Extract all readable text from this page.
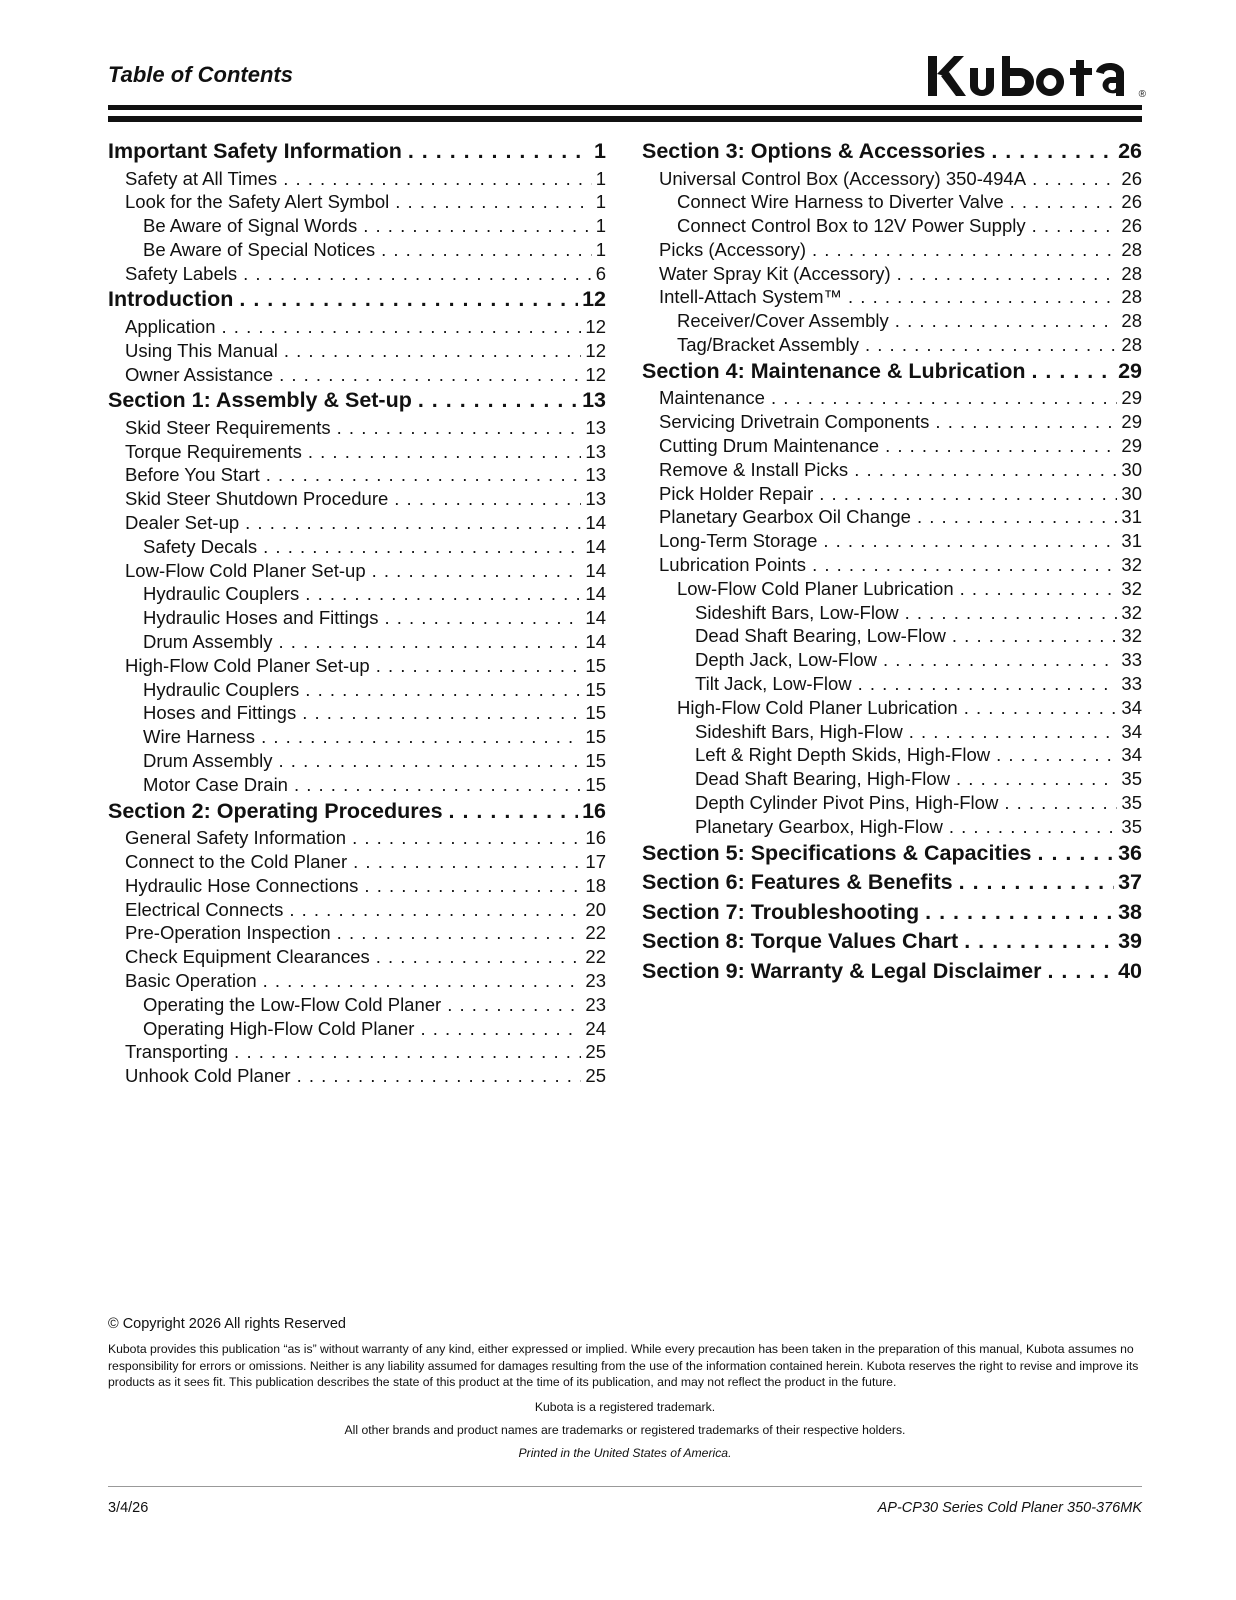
Table of Contents
®
Important Safety Information . . .	1
Safety at All Times . . .	1
Look for the Safety Alert Symbol . . .	1
Be Aware of Signal Words . . .	1
Be Aware of Special Notices . . .	1
Safety Labels . . .	6
Introduction . . .	12
Application . . .	12
Using This Manual . . .	12
Owner Assistance . . .	12
Section 1: Assembly & Set-up . . .	13
Skid Steer Requirements . . .	13
Torque Requirements . . .	13
Before You Start . . .	13
Skid Steer Shutdown Procedure . . .	13
Dealer Set-up . . .	14
Safety Decals . . .	14
Low-Flow Cold Planer Set-up . . .	14
Hydraulic Couplers . . .	14
Hydraulic Hoses and Fittings . . .	14
Drum Assembly . . .	14
High-Flow Cold Planer Set-up . . .	15
Hydraulic Couplers . . .	15
Hoses and Fittings . . .	15
Wire Harness . . .	15
Drum Assembly . . .	15
Motor Case Drain . . .	15
Section 2: Operating Procedures . . .	16
General Safety Information . . .	16
Connect to the Cold Planer . . .	17
Hydraulic Hose Connections . . .	18
Electrical Connects . . .	20
Pre-Operation Inspection . . .	22
Check Equipment Clearances . . .	22
Basic Operation . . .	23
Operating the Low-Flow Cold Planer . . .	23
Operating High-Flow Cold Planer . . .	24
Transporting . . .	25
Unhook Cold Planer . . .	25
Section 3: Options & Accessories . . .	26
Universal Control Box (Accessory) 350-494A . . .	26
Connect Wire Harness to Diverter Valve . . .	26
Connect Control Box to 12V Power Supply . . .	26
Picks (Accessory) . . .	28
Water Spray Kit (Accessory) . . .	28
Intell-Attach System™ . . .	28
Receiver/Cover Assembly . . .	28
Tag/Bracket Assembly . . .	28
Section 4: Maintenance & Lubrication . . .	29
Maintenance . . .	29
Servicing Drivetrain Components . . .	29
Cutting Drum Maintenance . . .	29
Remove & Install Picks . . .	30
Pick Holder Repair . . .	30
Planetary Gearbox Oil Change . . .	31
Long-Term Storage . . .	31
Lubrication Points . . .	32
Low-Flow Cold Planer Lubrication . . .	32
Sideshift Bars, Low-Flow . . .	32
Dead Shaft Bearing, Low-Flow . . .	32
Depth Jack, Low-Flow . . .	33
Tilt Jack, Low-Flow . . .	33
High-Flow Cold Planer Lubrication . . .	34
Sideshift Bars, High-Flow . . .	34
Left & Right Depth Skids, High-Flow . . .	34
Dead Shaft Bearing, High-Flow . . .	35
Depth Cylinder Pivot Pins, High-Flow . . .	35
Planetary Gearbox, High-Flow . . .	35
Section 5: Specifications & Capacities . . .	36
Section 6: Features & Benefits . . .	37
Section 7: Troubleshooting . . .	38
Section 8: Torque Values Chart . . .	39
Section 9: Warranty & Legal Disclaimer . . .	40
© Copyright 2026 All rights Reserved
Kubota provides this publication “as is” without warranty of any kind, either expressed or implied. While every precaution has been taken in the preparation of this manual, Kubota assumes no responsibility for errors or omissions. Neither is any liability assumed for damages resulting from the use of the information contained herein. Kubota reserves the right to revise and improve its products as it sees fit. This publication describes the state of this product at the time of its publication, and may not reflect the product in the future.
Kubota is a registered trademark.
All other brands and product names are trademarks or registered trademarks of their respective holders.
Printed in the United States of America.
3/4/26	AP-CP30 Series Cold Planer 350-376MK
